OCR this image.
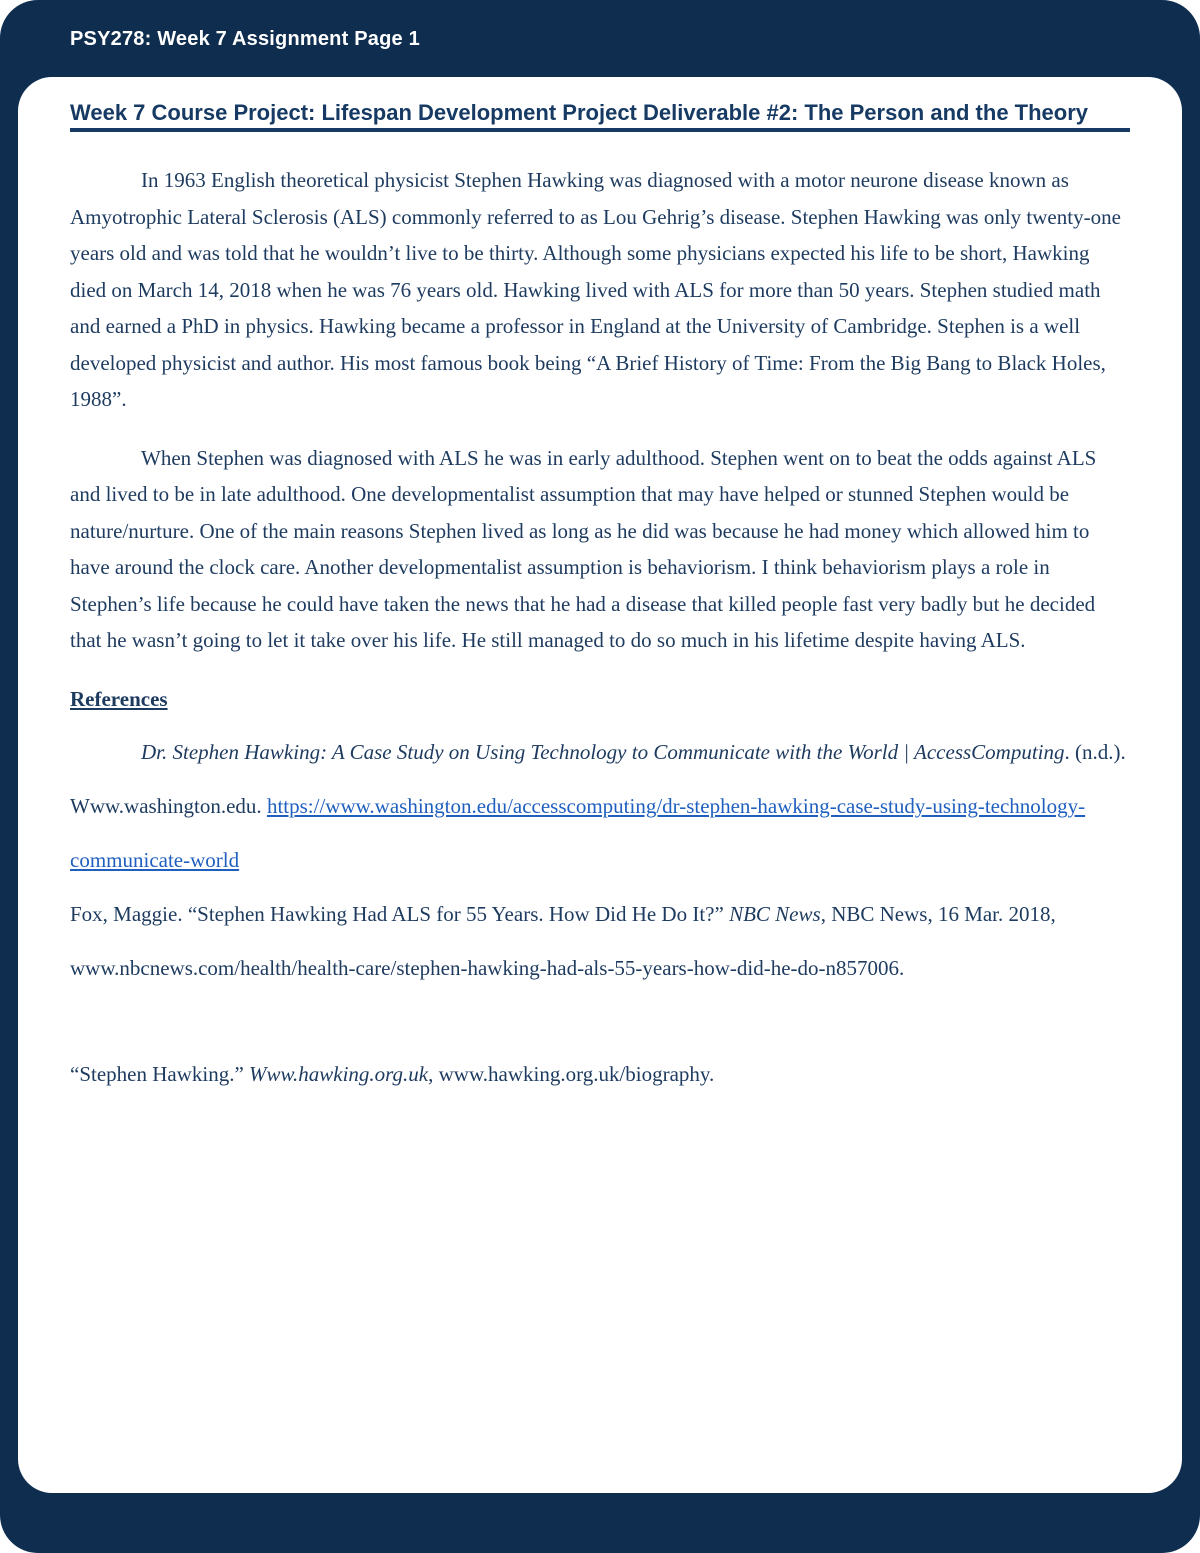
PSY278: Week 7 Assignment Page 1
Week 7 Course Project: Lifespan Development Project Deliverable #2: The Person and the Theory

In 1963 English theoretical physicist Stephen Hawking was diagnosed with a motor neurone disease known as Amyotrophic Lateral Sclerosis (ALS) commonly referred to as Lou Gehrig’s disease. Stephen Hawking was only twenty-one years old and was told that he wouldn’t live to be thirty. Although some physicians expected his life to be short, Hawking died on March 14, 2018 when he was 76 years old. Hawking lived with ALS for more than 50 years. Stephen studied math and earned a PhD in physics. Hawking became a professor in England at the University of Cambridge. Stephen is a well developed physicist and author. His most famous book being “A Brief History of Time: From the Big Bang to Black Holes, 1988”.

When Stephen was diagnosed with ALS he was in early adulthood. Stephen went on to beat the odds against ALS and lived to be in late adulthood. One developmentalist assumption that may have helped or stunned Stephen would be nature/nurture. One of the main reasons Stephen lived as long as he did was because he had money which allowed him to have around the clock care. Another developmentalist assumption is behaviorism. I think behaviorism plays a role in Stephen’s life because he could have taken the news that he had a disease that killed people fast very badly but he decided that he wasn’t going to let it take over his life. He still managed to do so much in his lifetime despite having ALS.

References

Dr. Stephen Hawking: A Case Study on Using Technology to Communicate with the World | AccessComputing. (n.d.). Www.washington.edu. https://www.washington.edu/accesscomputing/dr-stephen-hawking-case-study-using-technology-communicate-world

Fox, Maggie. “Stephen Hawking Had ALS for 55 Years. How Did He Do It?” NBC News, NBC News, 16 Mar. 2018, www.nbcnews.com/health/health-care/stephen-hawking-had-als-55-years-how-did-he-do-n857006.

“Stephen Hawking.” Www.hawking.org.uk, www.hawking.org.uk/biography.
